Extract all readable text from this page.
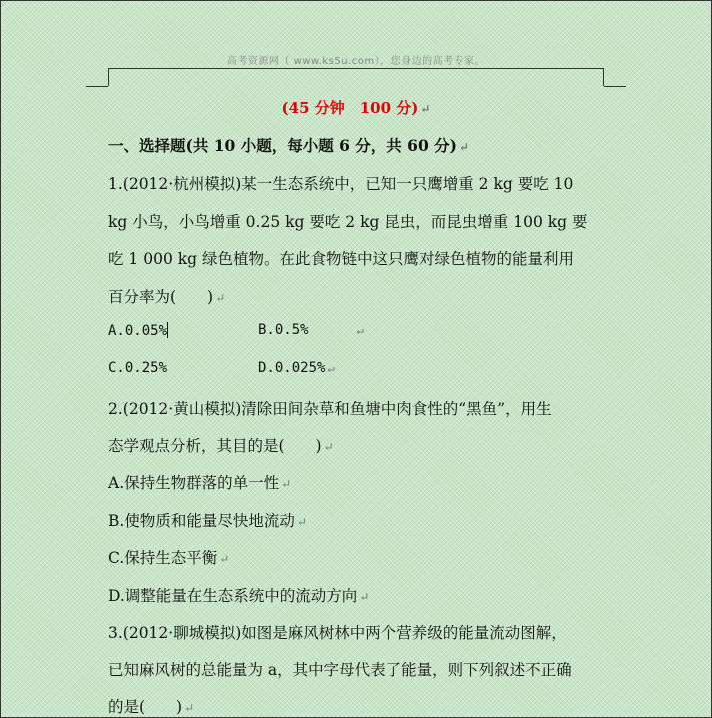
高考资源网（ www.ks5u.com），您身边的高考专家。
(45 分钟　100 分) ↵
一、选择题(共 10 小题，每小题 6 分，共 60 分) ↵
1.(2012·杭州模拟)某一生态系统中，已知一只鹰增重 2 kg 要吃 10
kg 小鸟，小鸟增重 0.25 kg 要吃 2 kg 昆虫，而昆虫增重 100 kg 要
吃 1 000 kg 绿色植物。在此食物链中这只鹰对绿色植物的能量利用
百分率为(　　) ↵
A.0.05%	B.0.5%	↵
C.0.25%	D.0.025% ↵
2.(2012·黄山模拟)清除田间杂草和鱼塘中肉食性的“黑鱼”，用生
态学观点分析，其目的是(　　) ↵
A.保持生物群落的单一性 ↵
B.使物质和能量尽快地流动 ↵
C.保持生态平衡 ↵
D.调整能量在生态系统中的流动方向 ↵
3.(2012·聊城模拟)如图是麻风树林中两个营养级的能量流动图解，
已知麻风树的总能量为 a，其中字母代表了能量，则下列叙述不正确
的是(　　) ↵
